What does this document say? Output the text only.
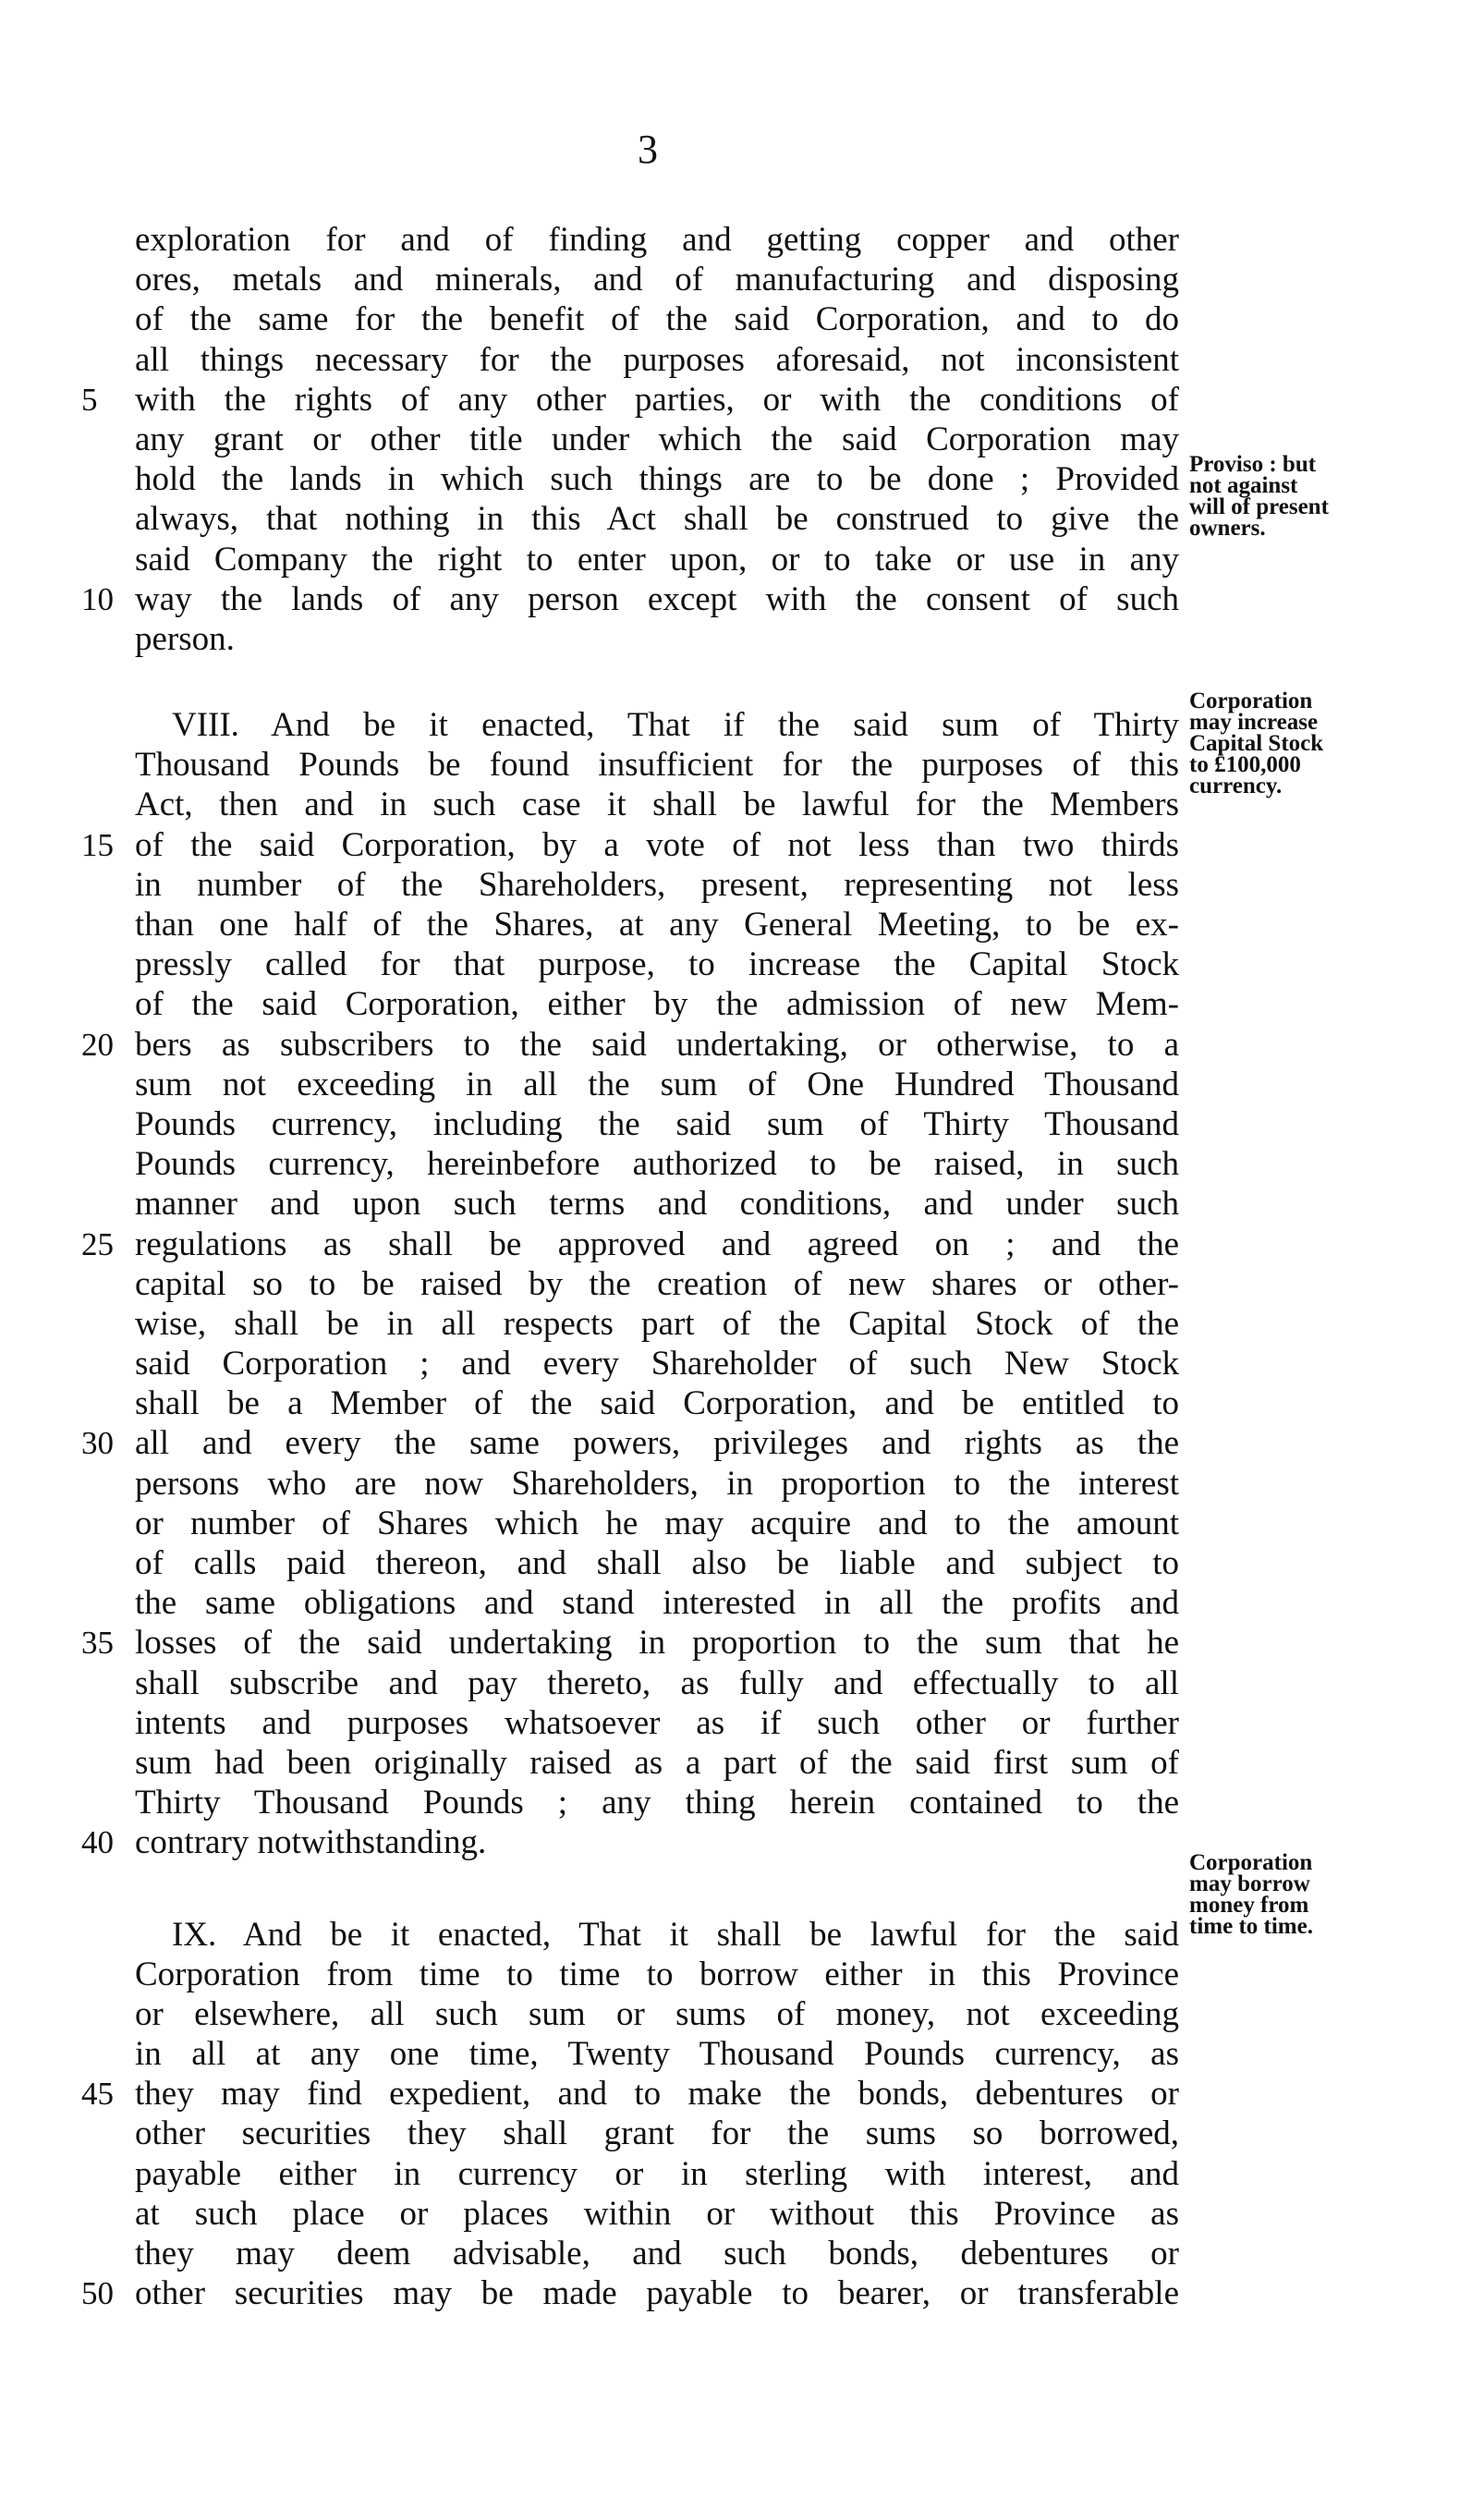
3
exploration for and of finding and getting copper and other
ores, metals and minerals, and of manufacturing and disposing
of the same for the benefit of the said Corporation, and to do
all things necessary for the purposes aforesaid, not inconsistent
5	with the rights of any other parties, or with the conditions of
any grant or other title under which the said Corporation may
hold the lands in which such things are to be done ; Provided
always, that nothing in this Act shall be construed to give the
said Company the right to enter upon, or to take or use in any
10 way the lands of any person except with the consent of such
person.
VIII. And be it enacted, That if the said sum of Thirty
Thousand Pounds be found insufficient for the purposes of this
Act, then and in such case it shall be lawful for the Members
15 of the said Corporation, by a vote of not less than two thirds
in number of the Shareholders, present, representing not less
than one half of the Shares, at any General Meeting, to be ex-
pressly called for that purpose, to increase the Capital Stock
of the said Corporation, either by the admission of new Mem-
20 bers as subscribers to the said undertaking, or otherwise, to a
sum not exceeding in all the sum of One Hundred Thousand
Pounds currency, including the said sum of Thirty Thousand
Pounds currency, hereinbefore authorized to be raised, in such
manner and upon such terms and conditions, and under such
25 regulations as shall be approved and agreed on ; and the
capital so to be raised by the creation of new shares or other-
wise, shall be in all respects part of the Capital Stock of the
said Corporation ; and every Shareholder of such New Stock
shall be a Member of the said Corporation, and be entitled to
30 all and every the same powers, privileges and rights as the
persons who are now Shareholders, in proportion to the interest
or number of Shares which he may acquire and to the amount
of calls paid thereon, and shall also be liable and subject to
the same obligations and stand interested in all the profits and
35 losses of the said undertaking in proportion to the sum that he
shall subscribe and pay thereto, as fully and effectually to all
intents and purposes whatsoever as if such other or further
sum had been originally raised as a part of the said first sum of
Thirty Thousand Pounds ; any thing herein contained to the
40 contrary notwithstanding.
IX. And be it enacted, That it shall be lawful for the said
Corporation from time to time to borrow either in this Province
or elsewhere, all such sum or sums of money, not exceeding
in all at any one time, Twenty Thousand Pounds currency, as
45 they may find expedient, and to make the bonds, debentures or
other securities they shall grant for the sums so borrowed,
payable either in currency or in sterling with interest, and
at such place or places within or without this Province as
they may deem advisable, and such bonds, debentures or
50 other securities may be made payable to bearer, or transferable
Proviso : but
not against
will of present
owners.
Corporation
may increase
Capital Stock
to £100,000
currency.
Corporation
may borrow
money from
time to time.
